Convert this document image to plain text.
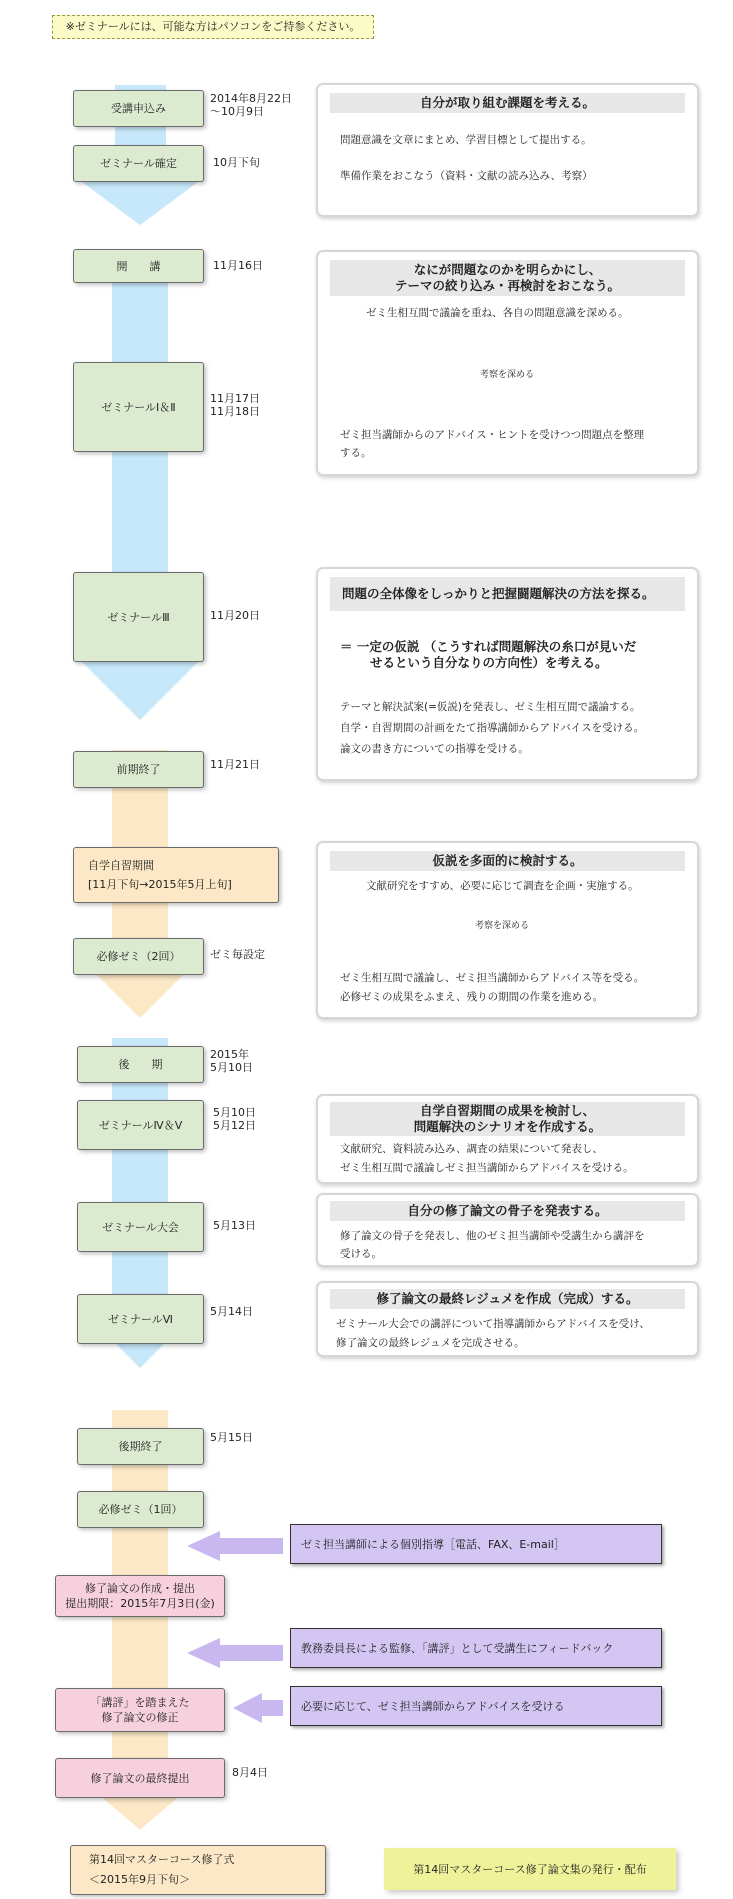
※ゼミナールには、可能な方はパソコンをご持参ください。
受講申込み
ゼミナール確定
開　　講
ゼミナールⅠ＆Ⅱ
ゼミナールⅢ
前期終了
自学自習期間
[11月下旬→2015年5月上旬]
必修ゼミ（2回）
後　　期
ゼミナールⅣ＆Ⅴ
ゼミナール大会
ゼミナールⅥ
後期終了
必修ゼミ（1回）
修了論文の作成・提出
提出期限：2015年7月3日(金)
「講評」を踏まえた
修了論文の修正
修了論文の最終提出
第14回マスターコース修了式
＜2015年9月下旬＞
2014年8月22日
〜10月9日
10月下旬
11月16日
11月17日
11月18日
11月20日
11月21日
ゼミ毎設定
2015年
5月10日
5月10日
5月12日
5月13日
5月14日
5月15日
8月4日
自分が取り組む課題を考える。
問題意識を文章にまとめ、学習目標として提出する。
準備作業をおこなう（資料・文献の読み込み、考察）
なにが問題なのかを明らかにし、
テーマの絞り込み・再検討をおこなう。
ゼミ生相互間で議論を重ね、各自の問題意識を深める。
考察を深める
ゼミ担当講師からのアドバイス・ヒントを受けつつ問題点を整理
する。
問題の全体像をしっかりと把握闘題解決の方法を探る。
＝ 一定の仮説 （こうすれば問題解決の糸口が見いだ
せるという自分なりの方向性）を考える。
テーマと解決試案(=仮説)を発表し、ゼミ生相互間で議論する。
自学・自習期間の計画をたて指導講師からアドバイスを受ける。
論文の書き方についての指導を受ける。
仮説を多面的に検討する。
文献研究をすすめ、必要に応じて調査を企画・実施する。
考察を深める
ゼミ生相互間で議論し、ゼミ担当講師からアドバイス等を受る。
必修ゼミの成果をふまえ、残りの期間の作業を進める。
自学自習期間の成果を検討し、
問題解決のシナリオを作成する。
文献研究、資料読み込み、調査の結果について発表し、
ゼミ生相互間で議論しゼミ担当講師からアドバイスを受ける。
自分の修了論文の骨子を発表する。
修了論文の骨子を発表し、他のゼミ担当講師や受講生から講評を
受ける。
修了論文の最終レジュメを作成（完成）する。
ゼミナール大会での講評について指導講師からアドバイスを受け、
修了論文の最終レジュメを完成させる。
ゼミ担当講師による個別指導［電話、FAX、E-mail］
教務委員長による監修、「講評」として受講生にフィードバック
必要に応じて、ゼミ担当講師からアドバイスを受ける
第14回マスターコース修了論文集の発行・配布
